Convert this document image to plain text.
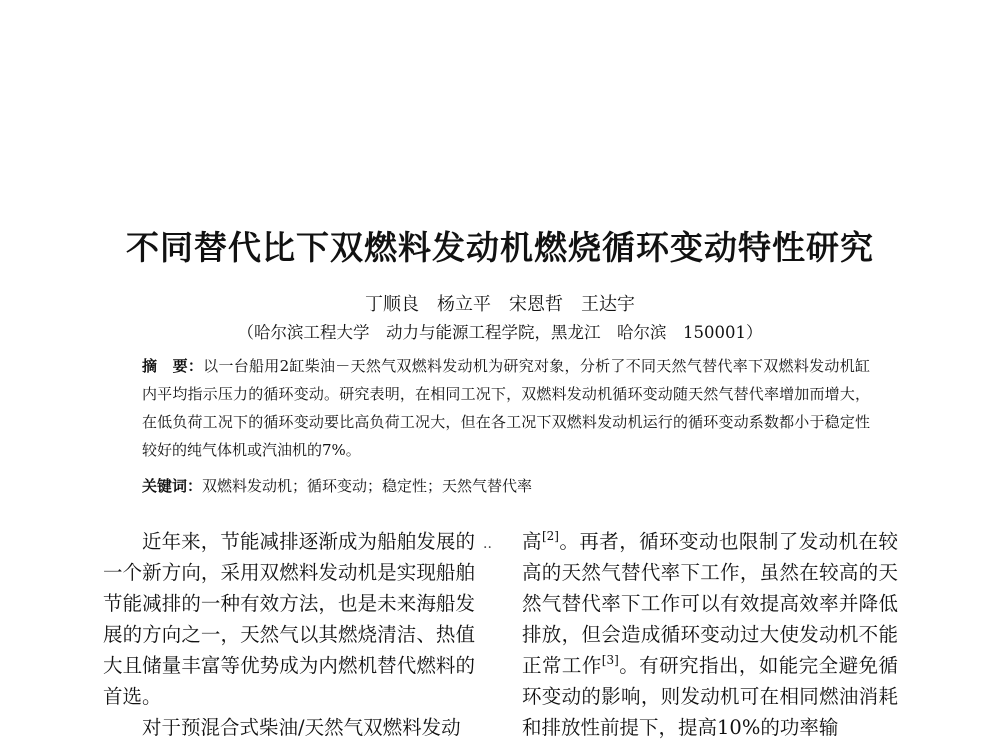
不同替代比下双燃料发动机燃烧循环变动特性研究
丁顺良　杨立平　宋恩哲　王达宇
（哈尔滨工程大学　动力与能源工程学院，黑龙江　哈尔滨　150001）
摘　要：以一台船用2缸柴油－天然气双燃料发动机为研究对象，分析了不同天然气替代率下双燃料发动机缸内平均指示压力的循环变动。研究表明，在相同工况下，双燃料发动机循环变动随天然气替代率增加而增大，在低负荷工况下的循环变动要比高负荷工况大，但在各工况下双燃料发动机运行的循环变动系数都小于稳定性较好的纯气体机或汽油机的7%。
关键词：双燃料发动机；循环变动；稳定性；天然气替代率
··

近年来，节能减排逐渐成为船舶发展的一个新方向，采用双燃料发动机是实现船舶节能减排的一种有效方法，也是未来海船发展的方向之一，天然气以其燃烧清洁、热值大且储量丰富等优势成为内燃机替代燃料的首选。

对于预混合式柴油/天然气双燃料发动

高[2]。再者，循环变动也限制了发动机在较高的天然气替代率下工作，虽然在较高的天然气替代率下工作可以有效提高效率并降低排放，但会造成循环变动过大使发动机不能正常工作[3]。有研究指出，如能完全避免循环变动的影响，则发动机可在相同燃油消耗和排放性前提下，提高10%的功率输
